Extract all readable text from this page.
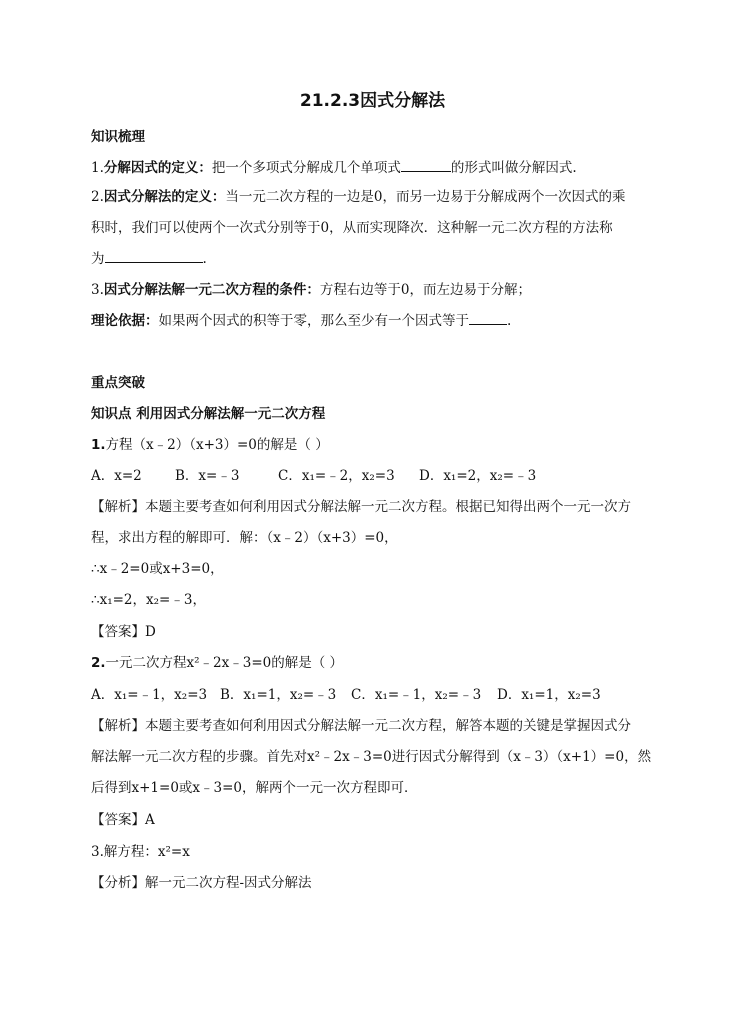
21.2.3因式分解法
知识梳理
1.分解因式的定义：把一个多项式分解成几个单项式	的形式叫做分解因式.
2.因式分解法的定义：当一元二次方程的一边是0，而另一边易于分解成两个一次因式的乘
积时，我们可以使两个一次式分别等于0，从而实现降次．这种解一元二次方程的方法称
为	.
3.因式分解法解一元二次方程的条件：方程右边等于0，而左边易于分解；
理论依据：如果两个因式的积等于零，那么至少有一个因式等于	.
重点突破
知识点 利用因式分解法解一元二次方程
1.方程（x﹣2）（x+3）=0的解是（ ）
A．x=2 B．x=﹣3	C．x₁=﹣2，x₂=3 D．x₁=2，x₂=﹣3
【解析】本题主要考查如何利用因式分解法解一元二次方程。根据已知得出两个一元一次方
程，求出方程的解即可．解：（x﹣2）（x+3）=0，
∴x﹣2=0或x+3=0，
∴x₁=2，x₂=﹣3，
【答案】D
2.一元二次方程x²﹣2x﹣3=0的解是（ ）
A．x₁=﹣1，x₂=3 B．x₁=1，x₂=﹣3 C．x₁=﹣1，x₂=﹣3 D．x₁=1，x₂=3
【解析】本题主要考查如何利用因式分解法解一元二次方程，解答本题的关键是掌握因式分
解法解一元二次方程的步骤。首先对x²﹣2x﹣3=0进行因式分解得到（x﹣3）（x+1）=0，然
后得到x+1=0或x﹣3=0，解两个一元一次方程即可．
【答案】A
3.解方程：x²=x
【分析】解一元二次方程-因式分解法
